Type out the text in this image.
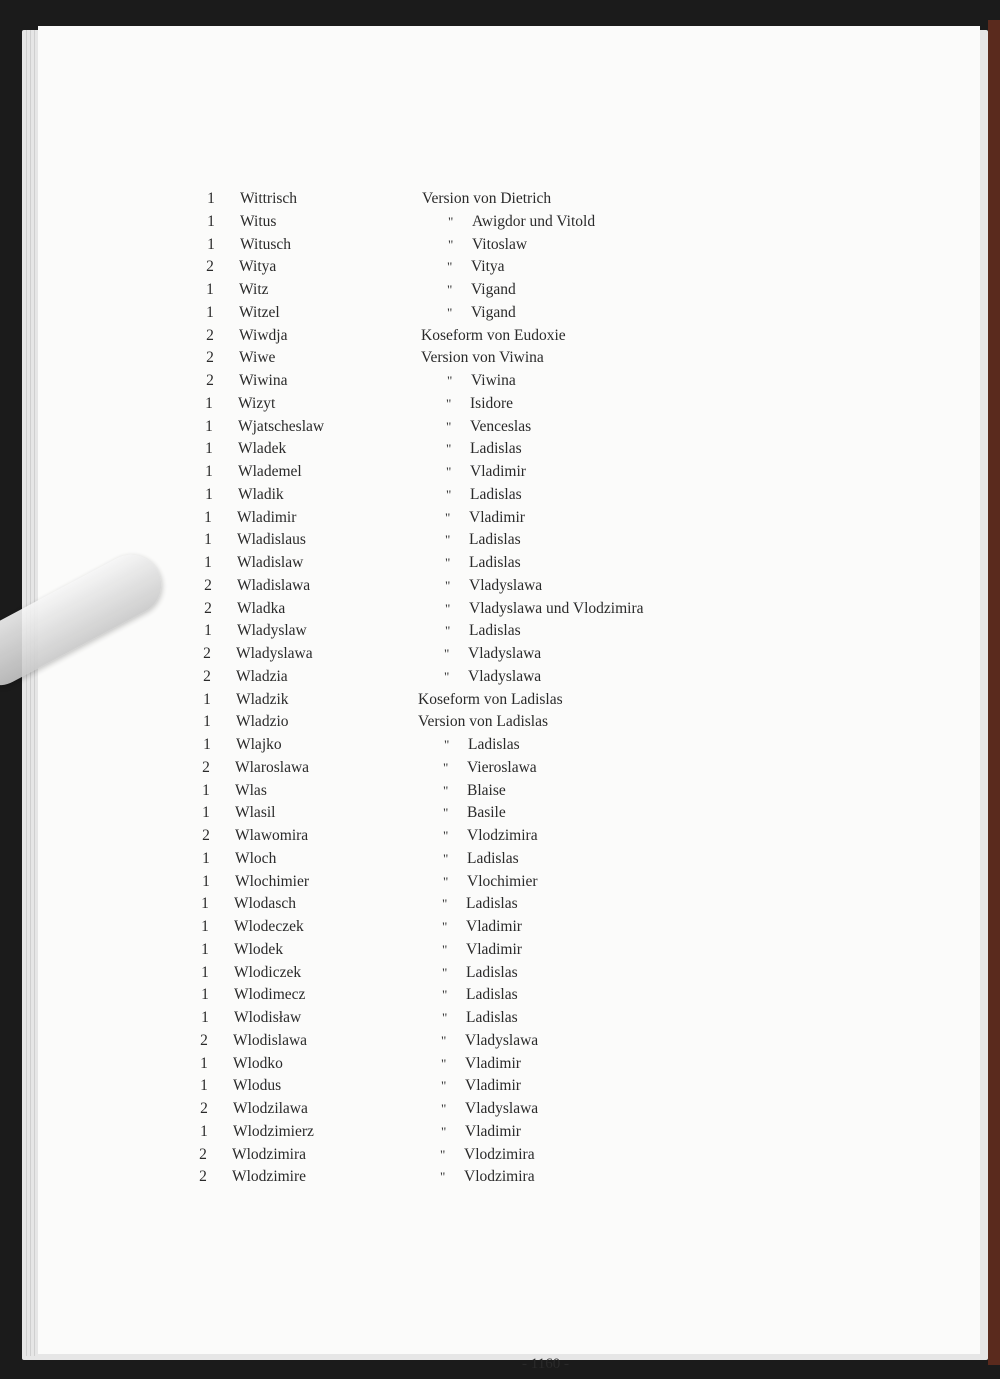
1 Wittrisch	Version von Dietrich
1 Witus	" Awigdor und Vitold
1 Witusch	" Vitoslaw
2 Witya	" Vitya
1 Witz	" Vigand
1 Witzel	" Vigand
2 Wiwdja	Koseform von Eudoxie
2 Wiwe	Version von Viwina
2 Wiwina	" Viwina
1 Wizyt	" Isidore
1 Wjatscheslaw	" Venceslas
1 Wladek	" Ladislas
1 Wlademel	" Vladimir
1 Wladik	" Ladislas
1 Wladimir	" Vladimir
1 Wladislaus	" Ladislas
1 Wladislaw	" Ladislas
2 Wladislawa	" Vladyslawa
2 Wladka	" Vladyslawa und Vlodzimira
1 Wladyslaw	" Ladislas
2 Wladyslawa	" Vladyslawa
2 Wladzia	" Vladyslawa
1 Wladzik	Koseform von Ladislas
1 Wladzio	Version von Ladislas
1 Wlajko	" Ladislas
2 Wlaroslawa	" Vieroslawa
1 Wlas	" Blaise
1 Wlasil	" Basile
2 Wlawomira	" Vlodzimira
1 Wloch	" Ladislas
1 Wlochimier	" Vlochimier
1 Wlodasch	" Ladislas
1 Wlodeczek	" Vladimir
1 Wlodek	" Vladimir
1 Wlodiczek	" Ladislas
1 Wlodimecz	" Ladislas
1 Wlodisław	" Ladislas
2 Wlodislawa	" Vladyslawa
1 Wlodko	" Vladimir
1 Wlodus	" Vladimir
2 Wlodzilawa	" Vladyslawa
1 Wlodzimierz	" Vladimir
2 Wlodzimira	" Vlodzimira
2 Wlodzimire	" Vlodzimira
- 1160 -
